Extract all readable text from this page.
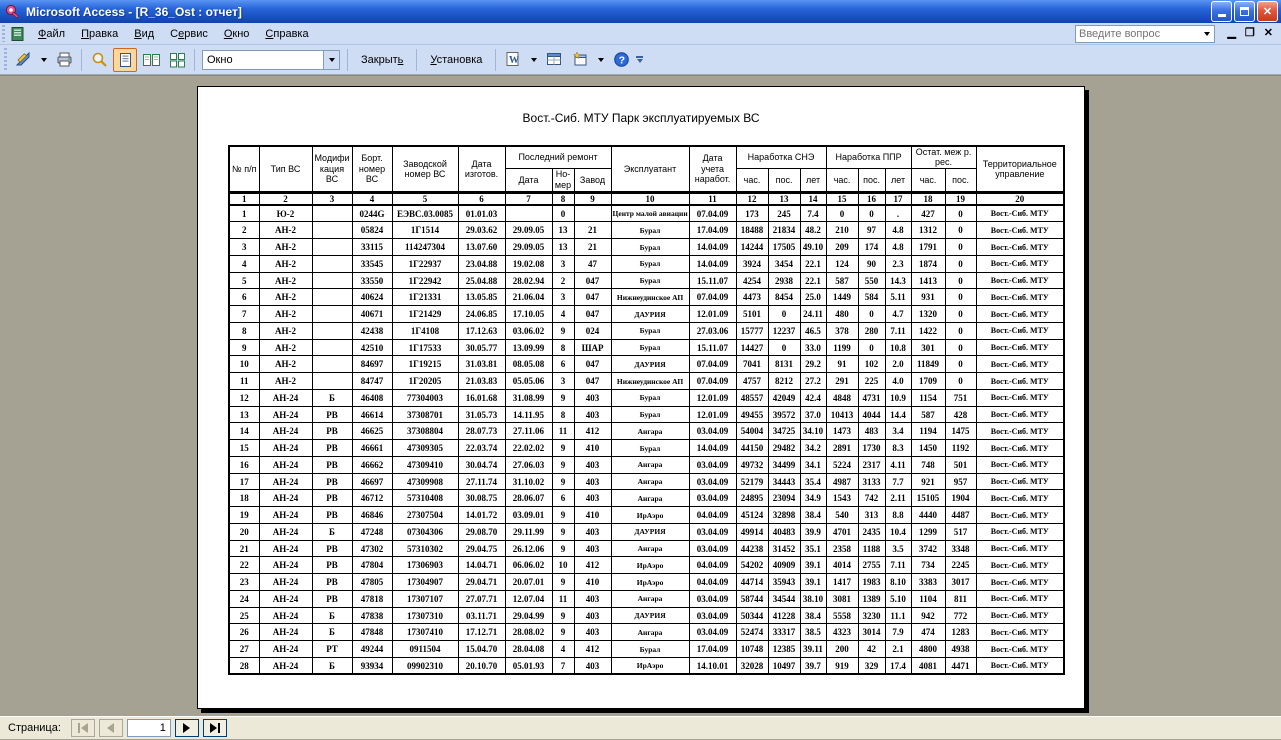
Microsoft Access - [R_36_Ost : отчет]	✕
Файл	Правка	Вид	Сервис	Окно	Справка
Введите вопрос	▁ ❐ ✕
Окно	Закрыть	Установка	W	?
Вост.-Сиб. МТУ Парк эксплуатируемых ВС
№ п/п	Тип ВС	Модифи кация ВС	Борт. номер ВС	Заводской номер ВС	Дата изготов.	Последний ремонт			Эксплуатант	Дата учета наработ.	Наработка СНЭ			Наработка ППР			Остат. меж р. рес.		Территориальное управление
						Дата	Но-мер	Завод			час.	пос.	лет	час.	пос.	лет	час.	пос.	
1	2	3	4	5	6	7	8	9	10	11	12	13	14	15	16	17	18	19	20
1	Ю-2		0244G	ЕЭВС.03.0085	01.01.03		0		Центр малой авиации	07.04.09	173	245	7.4	0	0	.	427	0	Вост.-Сиб. МТУ
2	АН-2		05824	1Г1514	29.03.62	29.09.05	13	21	Бурал	17.04.09	18488	21834	48.2	210	97	4.8	1312	0	Вост.-Сиб. МТУ
3	АН-2		33115	114247304	13.07.60	29.09.05	13	21	Бурал	14.04.09	14244	17505	49.10	209	174	4.8	1791	0	Вост.-Сиб. МТУ
4	АН-2		33545	1Г22937	23.04.88	19.02.08	3	47	Бурал	14.04.09	3924	3454	22.1	124	90	2.3	1874	0	Вост.-Сиб. МТУ
5	АН-2		33550	1Г22942	25.04.88	28.02.94	2	047	Бурал	15.11.07	4254	2938	22.1	587	550	14.3	1413	0	Вост.-Сиб. МТУ
6	АН-2		40624	1Г21331	13.05.85	21.06.04	3	047	Нижнеудинское АП	07.04.09	4473	8454	25.0	1449	584	5.11	931	0	Вост.-Сиб. МТУ
7	АН-2		40671	1Г21429	24.06.85	17.10.05	4	047	ДАУРИЯ	12.01.09	5101	0	24.11	480	0	4.7	1320	0	Вост.-Сиб. МТУ
8	АН-2		42438	1Г4108	17.12.63	03.06.02	9	024	Бурал	27.03.06	15777	12237	46.5	378	280	7.11	1422	0	Вост.-Сиб. МТУ
9	АН-2		42510	1Г17533	30.05.77	13.09.99	8	ШАР	Бурал	15.11.07	14427	0	33.0	1199	0	10.8	301	0	Вост.-Сиб. МТУ
10	АН-2		84697	1Г19215	31.03.81	08.05.08	6	047	ДАУРИЯ	07.04.09	7041	8131	29.2	91	102	2.0	11849	0	Вост.-Сиб. МТУ
11	АН-2		84747	1Г20205	21.03.83	05.05.06	3	047	Нижнеудинское АП	07.04.09	4757	8212	27.2	291	225	4.0	1709	0	Вост.-Сиб. МТУ
12	АН-24	Б	46408	77304003	16.01.68	31.08.99	9	403	Бурал	12.01.09	48557	42049	42.4	4848	4731	10.9	1154	751	Вост.-Сиб. МТУ
13	АН-24	РВ	46614	37308701	31.05.73	14.11.95	8	403	Бурал	12.01.09	49455	39572	37.0	10413	4044	14.4	587	428	Вост.-Сиб. МТУ
14	АН-24	РВ	46625	37308804	28.07.73	27.11.06	11	412	Ангара	03.04.09	54004	34725	34.10	1473	483	3.4	1194	1475	Вост.-Сиб. МТУ
15	АН-24	РВ	46661	47309305	22.03.74	22.02.02	9	410	Бурал	14.04.09	44150	29482	34.2	2891	1730	8.3	1450	1192	Вост.-Сиб. МТУ
16	АН-24	РВ	46662	47309410	30.04.74	27.06.03	9	403	Ангара	03.04.09	49732	34499	34.1	5224	2317	4.11	748	501	Вост.-Сиб. МТУ
17	АН-24	РВ	46697	47309908	27.11.74	31.10.02	9	403	Ангара	03.04.09	52179	34443	35.4	4987	3133	7.7	921	957	Вост.-Сиб. МТУ
18	АН-24	РВ	46712	57310408	30.08.75	28.06.07	6	403	Ангара	03.04.09	24895	23094	34.9	1543	742	2.11	15105	1904	Вост.-Сиб. МТУ
19	АН-24	РВ	46846	27307504	14.01.72	03.09.01	9	410	ИрАэро	04.04.09	45124	32898	38.4	540	313	8.8	4440	4487	Вост.-Сиб. МТУ
20	АН-24	Б	47248	07304306	29.08.70	29.11.99	9	403	ДАУРИЯ	03.04.09	49914	40483	39.9	4701	2435	10.4	1299	517	Вост.-Сиб. МТУ
21	АН-24	РВ	47302	57310302	29.04.75	26.12.06	9	403	Ангара	03.04.09	44238	31452	35.1	2358	1188	3.5	3742	3348	Вост.-Сиб. МТУ
22	АН-24	РВ	47804	17306903	14.04.71	06.06.02	10	412	ИрАэро	04.04.09	54202	40909	39.1	4014	2755	7.11	734	2245	Вост.-Сиб. МТУ
23	АН-24	РВ	47805	17304907	29.04.71	20.07.01	9	410	ИрАэро	04.04.09	44714	35943	39.1	1417	1983	8.10	3383	3017	Вост.-Сиб. МТУ
24	АН-24	РВ	47818	17307107	27.07.71	12.07.04	11	403	Ангара	03.04.09	58744	34544	38.10	3081	1389	5.10	1104	811	Вост.-Сиб. МТУ
25	АН-24	Б	47838	17307310	03.11.71	29.04.99	9	403	ДАУРИЯ	03.04.09	50344	41228	38.4	5558	3230	11.1	942	772	Вост.-Сиб. МТУ
26	АН-24	Б	47848	17307410	17.12.71	28.08.02	9	403	Ангара	03.04.09	52474	33317	38.5	4323	3014	7.9	474	1283	Вост.-Сиб. МТУ
27	АН-24	РТ	49244	0911504	15.04.70	28.04.08	4	412	Бурал	17.04.09	10748	12385	39.11	200	42	2.1	4800	4938	Вост.-Сиб. МТУ
28	АН-24	Б	93934	09902310	20.10.70	05.01.93	7	403	ИрАэро	14.10.01	32028	10497	39.7	919	329	17.4	4081	4471	Вост.-Сиб. МТУ
Страница:
1
